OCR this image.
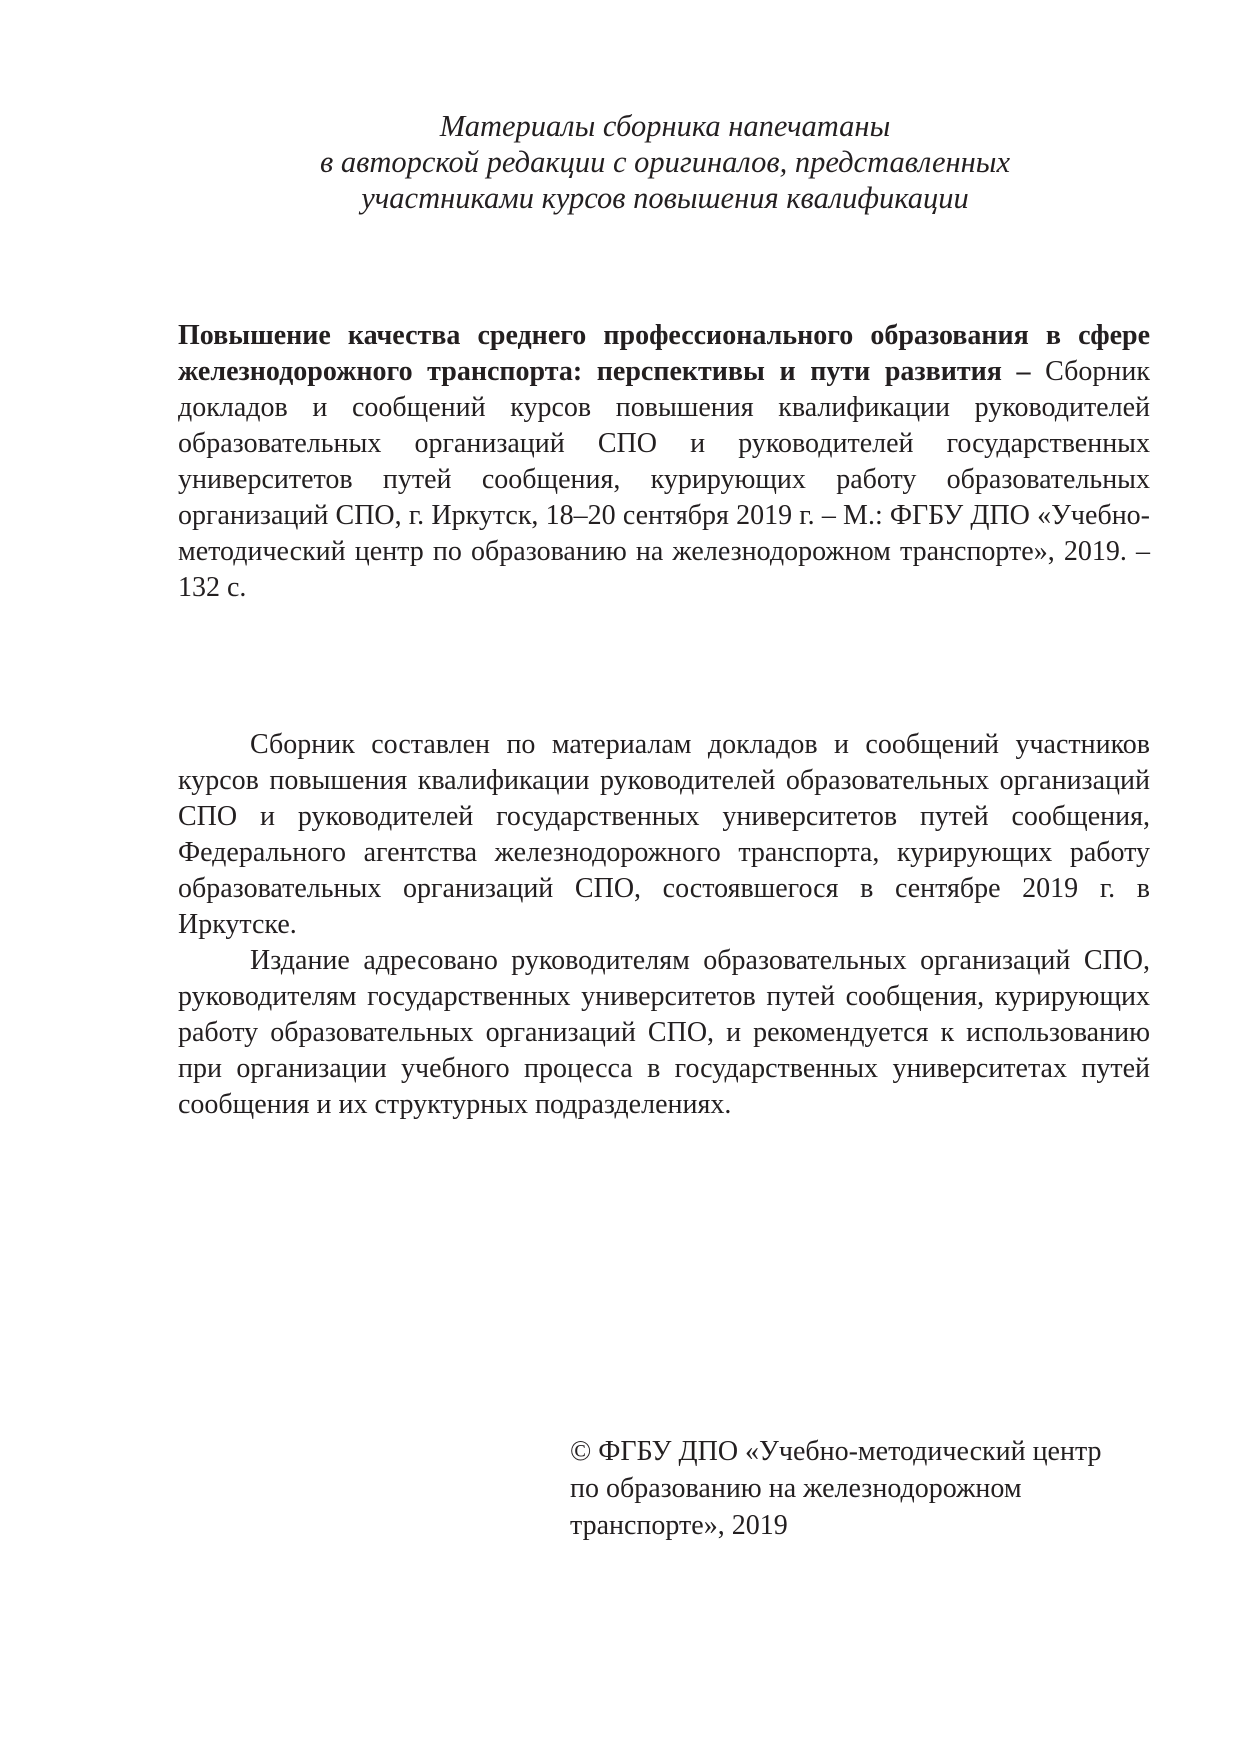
Материалы сборника напечатаны
в авторской редакции с оригиналов, представленных
участниками курсов повышения квалификации
Повышение качества среднего профессионального образования в сфере железнодорожного транспорта: перспективы и пути развития – Сборник докладов и сообщений курсов повышения квалификации руководителей образовательных организаций СПО и руководителей государственных университетов путей сообщения, курирующих работу образовательных организаций СПО, г. Иркутск, 18–20 сентября 2019 г. – М.: ФГБУ ДПО «Учебно-методический центр по образованию на железнодорожном транспорте», 2019. – 132 с.

Сборник составлен по материалам докладов и сообщений участников курсов повышения квалификации руководителей образовательных организаций СПО и руководителей государственных университетов путей сообщения, Федерального агентства железнодорожного транспорта, курирующих работу образовательных организаций СПО, состоявшегося в сентябре 2019 г. в Иркутске.

Издание адресовано руководителям образовательных организаций СПО, руководителям государственных университетов путей сообщения, курирующих работу образовательных организаций СПО, и рекомендуется к использованию при организации учебного процесса в государственных университетах путей сообщения и их структурных подразделениях.

© ФГБУ ДПО «Учебно-методический центр
по образованию на железнодорожном
транспорте», 2019
